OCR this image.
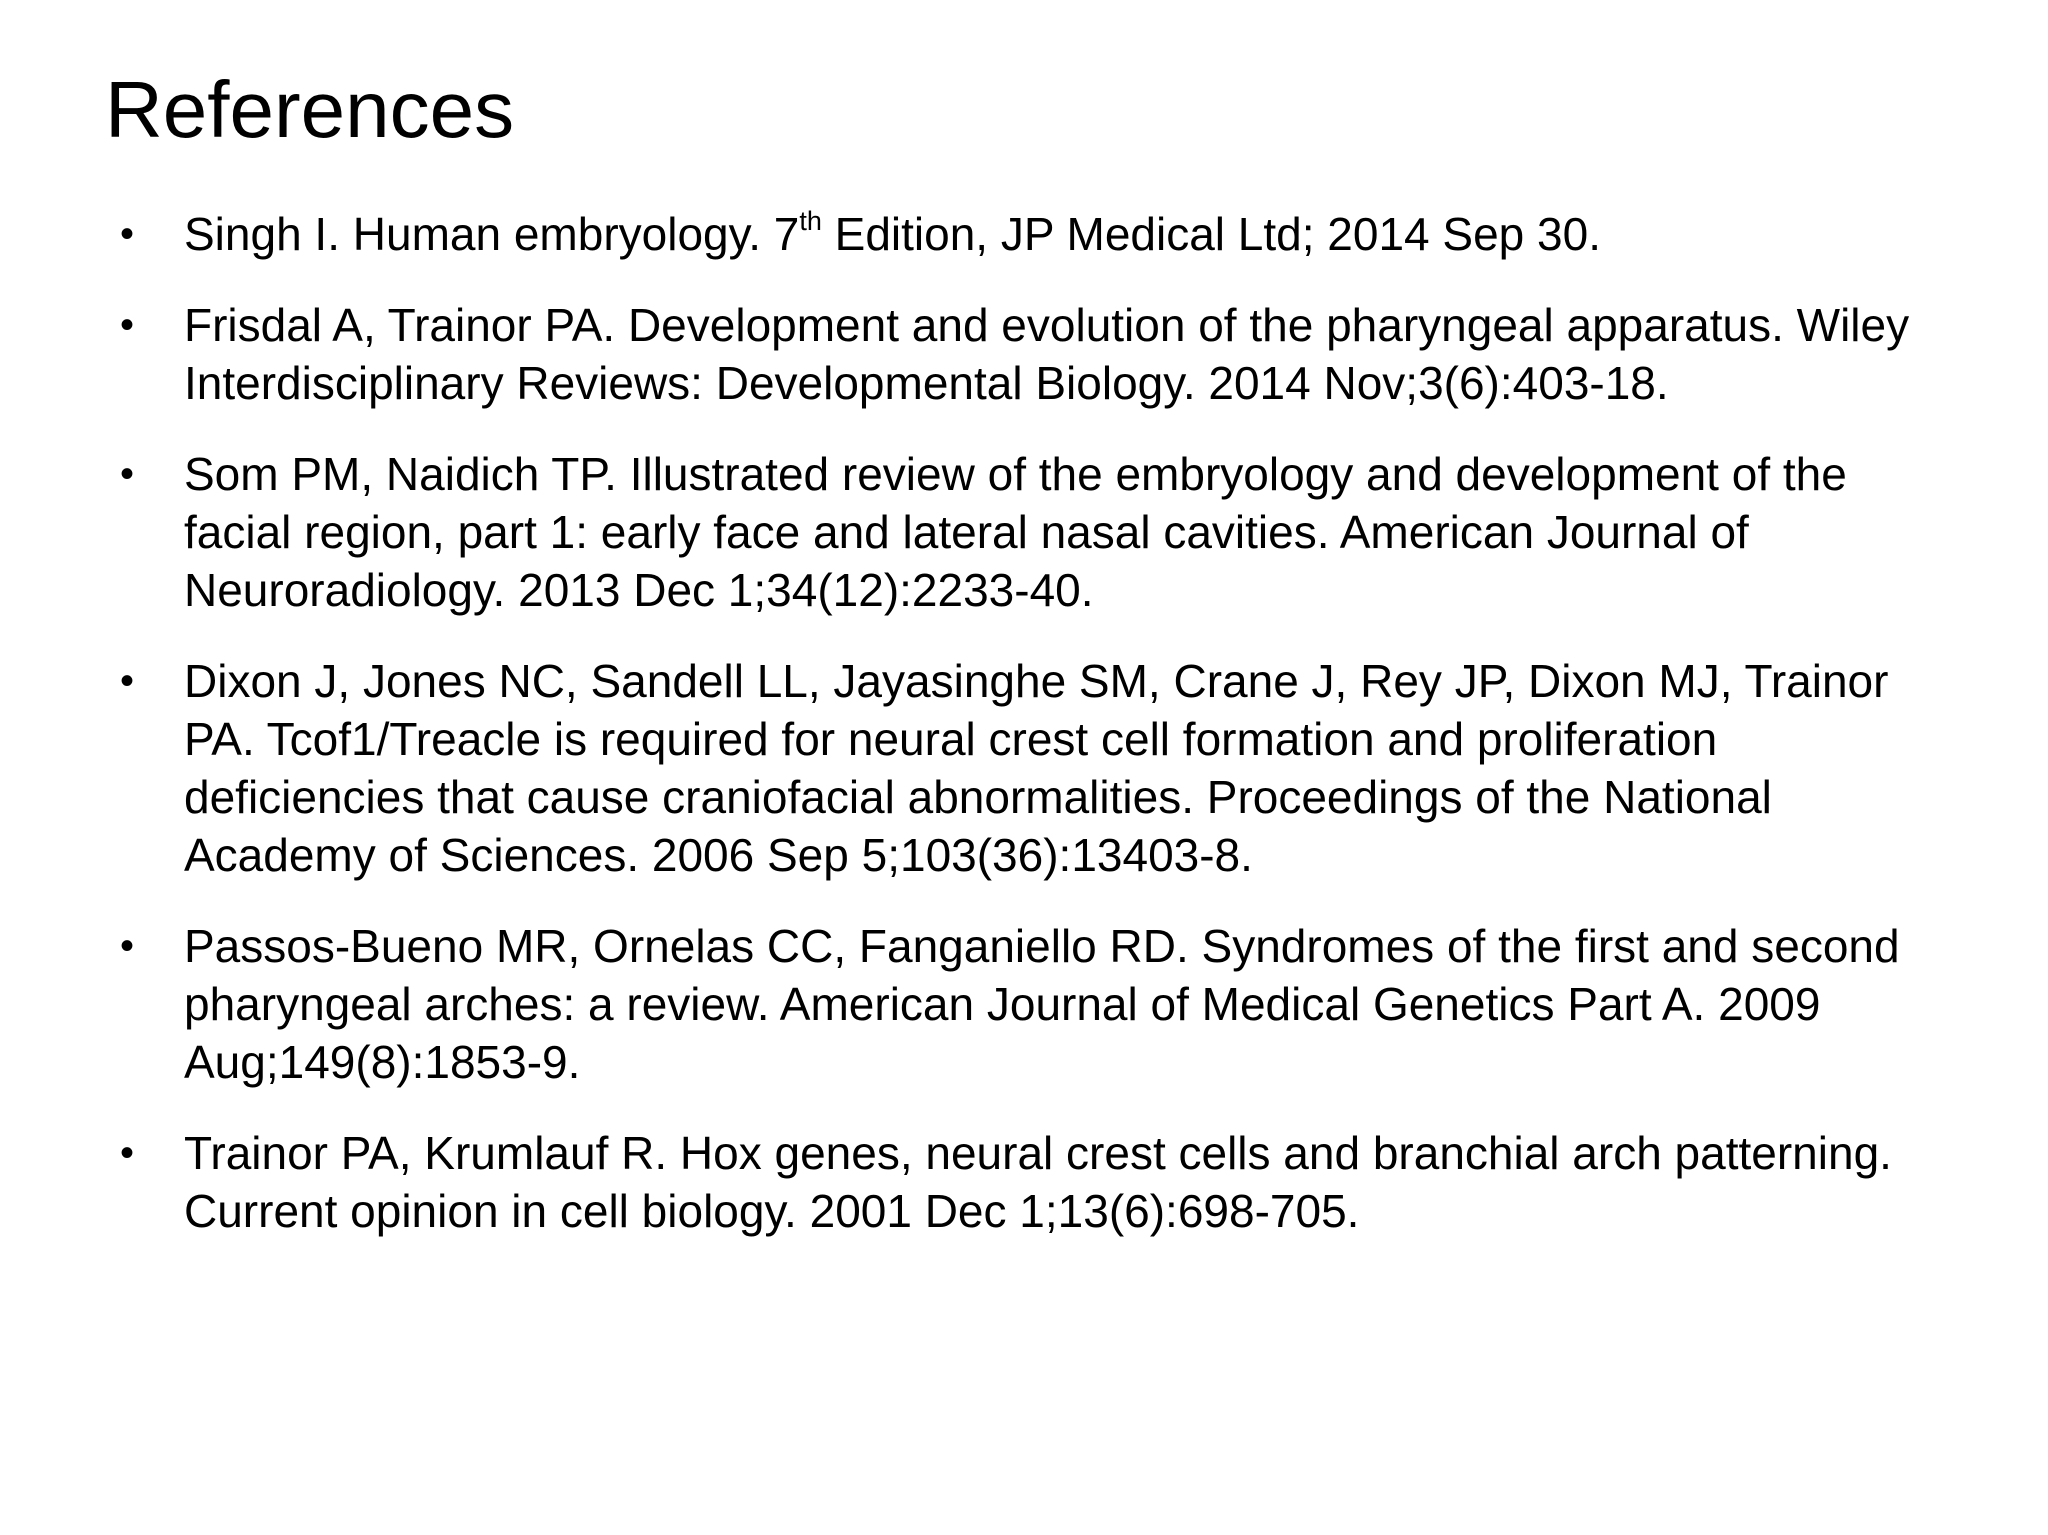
References
•	Singh I. Human embryology. 7th Edition, JP Medical Ltd; 2014 Sep 30.
•	Frisdal A, Trainor PA. Development and evolution of the pharyngeal apparatus. Wiley Interdisciplinary Reviews: Developmental Biology. 2014 Nov;3(6):403-18.
•	Som PM, Naidich TP. Illustrated review of the embryology and development of the facial region, part 1: early face and lateral nasal cavities. American Journal of Neuroradiology. 2013 Dec 1;34(12):2233-40.
•	Dixon J, Jones NC, Sandell LL, Jayasinghe SM, Crane J, Rey JP, Dixon MJ, Trainor PA. Tcof1/Treacle is required for neural crest cell formation and proliferation deficiencies that cause craniofacial abnormalities. Proceedings of the National Academy of Sciences. 2006 Sep 5;103(36):13403-8.
•	Passos-Bueno MR, Ornelas CC, Fanganiello RD. Syndromes of the first and second pharyngeal arches: a review. American Journal of Medical Genetics Part A. 2009 Aug;149(8):1853-9.
•	Trainor PA, Krumlauf R. Hox genes, neural crest cells and branchial arch patterning. Current opinion in cell biology. 2001 Dec 1;13(6):698-705.
